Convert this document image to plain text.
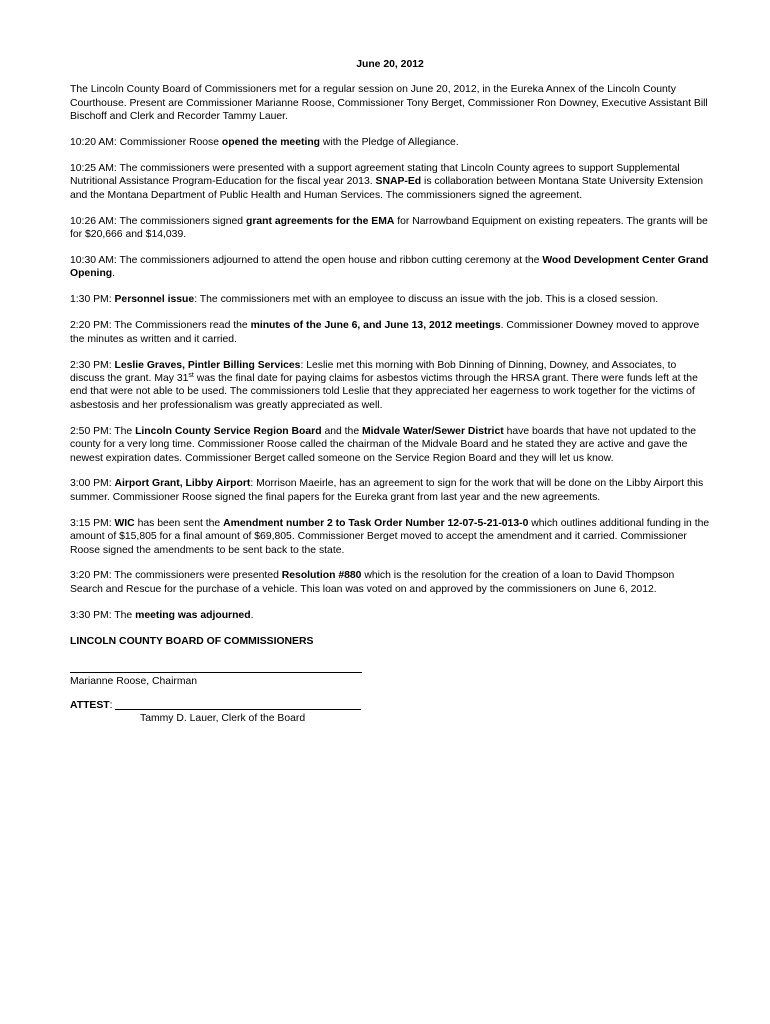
June 20, 2012

The Lincoln County Board of Commissioners met for a regular session on June 20, 2012, in the Eureka Annex of the Lincoln County Courthouse. Present are Commissioner Marianne Roose, Commissioner Tony Berget, Commissioner Ron Downey, Executive Assistant Bill Bischoff and Clerk and Recorder Tammy Lauer.

10:20 AM: Commissioner Roose opened the meeting with the Pledge of Allegiance.

10:25 AM: The commissioners were presented with a support agreement stating that Lincoln County agrees to support Supplemental Nutritional Assistance Program-Education for the fiscal year 2013. SNAP-Ed is collaboration between Montana State University Extension and the Montana Department of Public Health and Human Services. The commissioners signed the agreement.

10:26 AM: The commissioners signed grant agreements for the EMA for Narrowband Equipment on existing repeaters. The grants will be for $20,666 and $14,039.

10:30 AM: The commissioners adjourned to attend the open house and ribbon cutting ceremony at the Wood Development Center Grand Opening.

1:30 PM: Personnel issue: The commissioners met with an employee to discuss an issue with the job. This is a closed session.

2:20 PM: The Commissioners read the minutes of the June 6, and June 13, 2012 meetings. Commissioner Downey moved to approve the minutes as written and it carried.

2:30 PM: Leslie Graves, Pintler Billing Services: Leslie met this morning with Bob Dinning of Dinning, Downey, and Associates, to discuss the grant. May 31st was the final date for paying claims for asbestos victims through the HRSA grant. There were funds left at the end that were not able to be used. The commissioners told Leslie that they appreciated her eagerness to work together for the victims of asbestosis and her professionalism was greatly appreciated as well.

2:50 PM: The Lincoln County Service Region Board and the Midvale Water/Sewer District have boards that have not updated to the county for a very long time. Commissioner Roose called the chairman of the Midvale Board and he stated they are active and gave the newest expiration dates. Commissioner Berget called someone on the Service Region Board and they will let us know.

3:00 PM: Airport Grant, Libby Airport: Morrison Maeirle, has an agreement to sign for the work that will be done on the Libby Airport this summer. Commissioner Roose signed the final papers for the Eureka grant from last year and the new agreements.

3:15 PM: WIC has been sent the Amendment number 2 to Task Order Number 12-07-5-21-013-0 which outlines additional funding in the amount of $15,805 for a final amount of $69,805. Commissioner Berget moved to accept the amendment and it carried. Commissioner Roose signed the amendments to be sent back to the state.

3:20 PM: The commissioners were presented Resolution #880 which is the resolution for the creation of a loan to David Thompson Search and Rescue for the purchase of a vehicle. This loan was voted on and approved by the commissioners on June 6, 2012.

3:30 PM: The meeting was adjourned.

LINCOLN COUNTY BOARD OF COMMISSIONERS
Marianne Roose, Chairman
ATTEST :
Tammy D. Lauer, Clerk of the Board
